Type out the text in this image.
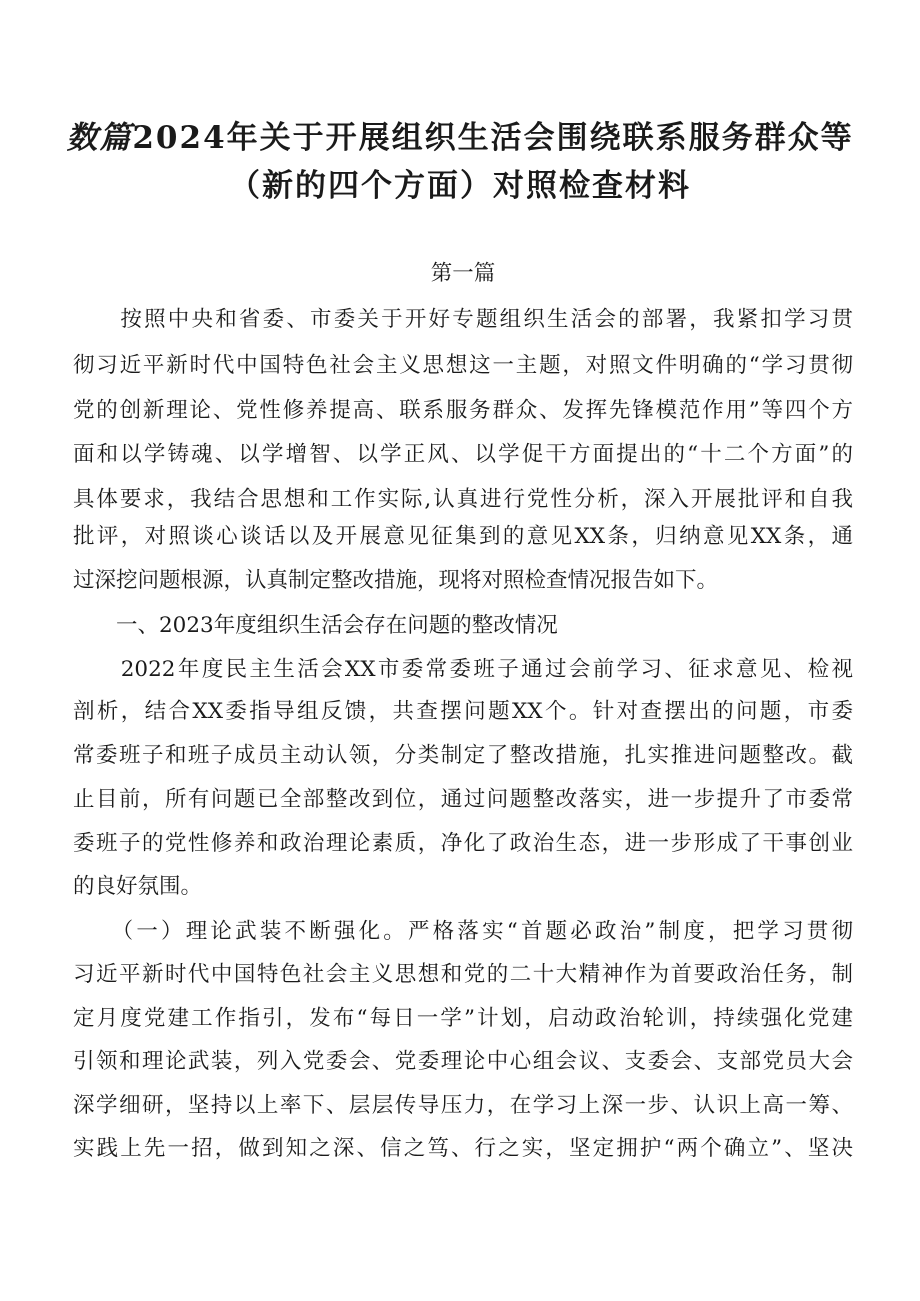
数篇2024年关于开展组织生活会围绕联系服务群众等
（新的四个方面）对照检查材料
第一篇
　　按照中央和省委、市委关于开好专题组织生活会的部署，我紧扣学习贯
彻习近平新时代中国特色社会主义思想这一主题，对照文件明确的“学习贯彻
党的创新理论、党性修养提高、联系服务群众、发挥先锋模范作用”等四个方
面和以学铸魂、以学增智、以学正风、以学促干方面提出的“十二个方面”的
具体要求，我结合思想和工作实际,认真进行党性分析，深入开展批评和自我
批评，对照谈心谈话以及开展意见征集到的意见XX条，归纳意见XX条，通
过深挖问题根源，认真制定整改措施，现将对照检查情况报告如下。
　　一、2023年度组织生活会存在问题的整改情况
　　2022年度民主生活会XX市委常委班子通过会前学习、征求意见、检视
剖析，结合XX委指导组反馈，共查摆问题XX个。针对查摆出的问题，市委
常委班子和班子成员主动认领，分类制定了整改措施，扎实推进问题整改。截
止目前，所有问题已全部整改到位，通过问题整改落实，进一步提升了市委常
委班子的党性修养和政治理论素质，净化了政治生态，进一步形成了干事创业
的良好氛围。
　　（一）理论武装不断强化。严格落实“首题必政治”制度，把学习贯彻
习近平新时代中国特色社会主义思想和党的二十大精神作为首要政治任务，制
定月度党建工作指引，发布“每日一学”计划，启动政治轮训，持续强化党建
引领和理论武装，列入党委会、党委理论中心组会议、支委会、支部党员大会
深学细研，坚持以上率下、层层传导压力，在学习上深一步、认识上高一筹、
实践上先一招，做到知之深、信之笃、行之实，坚定拥护“两个确立”、坚决
